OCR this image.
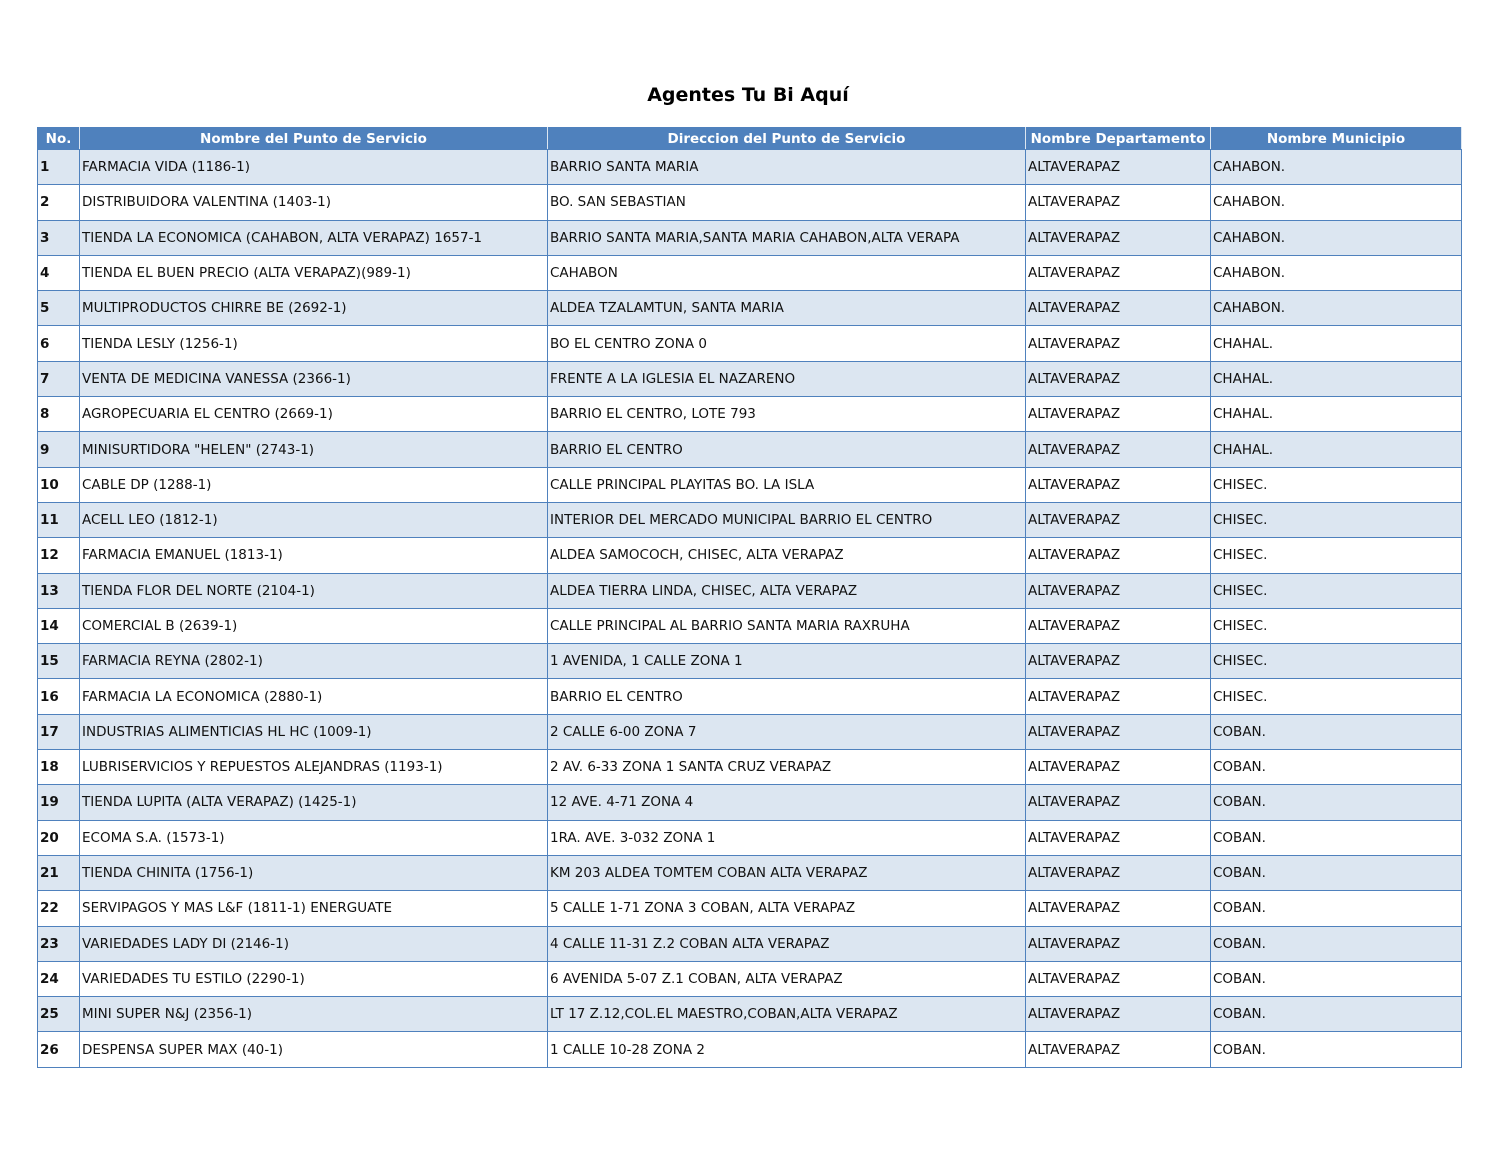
Agentes Tu Bi Aquí
No.	Nombre del Punto de Servicio	Direccion del Punto de Servicio	Nombre Departamento	Nombre Municipio
1	FARMACIA VIDA (1186-1)	BARRIO SANTA MARIA	ALTAVERAPAZ	CAHABON.
2	DISTRIBUIDORA VALENTINA (1403-1)	BO. SAN SEBASTIAN	ALTAVERAPAZ	CAHABON.
3	TIENDA LA ECONOMICA (CAHABON, ALTA VERAPAZ) 1657-1	BARRIO SANTA MARIA,SANTA MARIA CAHABON,ALTA VERAPA	ALTAVERAPAZ	CAHABON.
4	TIENDA EL BUEN PRECIO (ALTA VERAPAZ)(989-1)	CAHABON	ALTAVERAPAZ	CAHABON.
5	MULTIPRODUCTOS CHIRRE BE (2692-1)	ALDEA TZALAMTUN, SANTA MARIA	ALTAVERAPAZ	CAHABON.
6	TIENDA LESLY (1256-1)	BO EL CENTRO ZONA 0	ALTAVERAPAZ	CHAHAL.
7	VENTA DE MEDICINA VANESSA (2366-1)	FRENTE A LA IGLESIA EL NAZARENO	ALTAVERAPAZ	CHAHAL.
8	AGROPECUARIA EL CENTRO (2669-1)	BARRIO EL CENTRO, LOTE 793	ALTAVERAPAZ	CHAHAL.
9	MINISURTIDORA "HELEN" (2743-1)	BARRIO EL CENTRO	ALTAVERAPAZ	CHAHAL.
10	CABLE DP (1288-1)	CALLE PRINCIPAL PLAYITAS BO. LA ISLA	ALTAVERAPAZ	CHISEC.
11	ACELL LEO (1812-1)	INTERIOR DEL MERCADO MUNICIPAL BARRIO EL CENTRO	ALTAVERAPAZ	CHISEC.
12	FARMACIA EMANUEL (1813-1)	ALDEA SAMOCOCH, CHISEC, ALTA VERAPAZ	ALTAVERAPAZ	CHISEC.
13	TIENDA FLOR DEL NORTE (2104-1)	ALDEA TIERRA LINDA, CHISEC, ALTA VERAPAZ	ALTAVERAPAZ	CHISEC.
14	COMERCIAL B (2639-1)	CALLE PRINCIPAL AL BARRIO SANTA MARIA RAXRUHA	ALTAVERAPAZ	CHISEC.
15	FARMACIA REYNA (2802-1)	1 AVENIDA, 1 CALLE ZONA 1	ALTAVERAPAZ	CHISEC.
16	FARMACIA LA ECONOMICA (2880-1)	BARRIO EL CENTRO	ALTAVERAPAZ	CHISEC.
17	INDUSTRIAS ALIMENTICIAS HL HC (1009-1)	2 CALLE 6-00 ZONA 7	ALTAVERAPAZ	COBAN.
18	LUBRISERVICIOS Y REPUESTOS ALEJANDRAS (1193-1)	2 AV. 6-33 ZONA 1 SANTA CRUZ VERAPAZ	ALTAVERAPAZ	COBAN.
19	TIENDA LUPITA (ALTA VERAPAZ) (1425-1)	12 AVE. 4-71 ZONA 4	ALTAVERAPAZ	COBAN.
20	ECOMA S.A. (1573-1)	1RA. AVE. 3-032 ZONA 1	ALTAVERAPAZ	COBAN.
21	TIENDA CHINITA (1756-1)	KM 203 ALDEA TOMTEM COBAN ALTA VERAPAZ	ALTAVERAPAZ	COBAN.
22	SERVIPAGOS Y MAS L&F (1811-1) ENERGUATE	5 CALLE 1-71 ZONA 3 COBAN, ALTA VERAPAZ	ALTAVERAPAZ	COBAN.
23	VARIEDADES LADY DI (2146-1)	4 CALLE 11-31 Z.2 COBAN ALTA VERAPAZ	ALTAVERAPAZ	COBAN.
24	VARIEDADES TU ESTILO (2290-1)	6 AVENIDA 5-07 Z.1 COBAN, ALTA VERAPAZ	ALTAVERAPAZ	COBAN.
25	MINI SUPER N&J (2356-1)	LT 17 Z.12,COL.EL MAESTRO,COBAN,ALTA VERAPAZ	ALTAVERAPAZ	COBAN.
26	DESPENSA SUPER MAX (40-1)	1 CALLE 10-28 ZONA 2	ALTAVERAPAZ	COBAN.
